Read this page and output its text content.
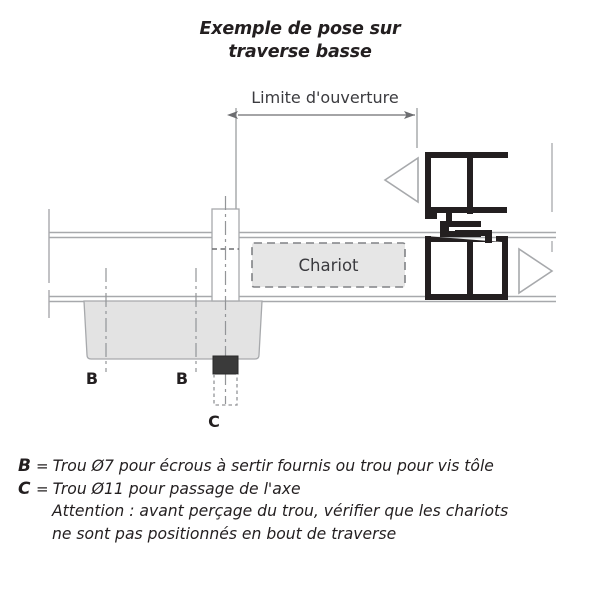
Exemple de pose sur
traverse basse
Limite d'ouverture
Chariot
B	B
C
B = Trou Ø7 pour écrous à sertir fournis ou trou pour vis tôle
C = Trou Ø11 pour passage de l'axe
Attention : avant perçage du trou, vérifier que les chariots
ne sont pas positionnés en bout de traverse
